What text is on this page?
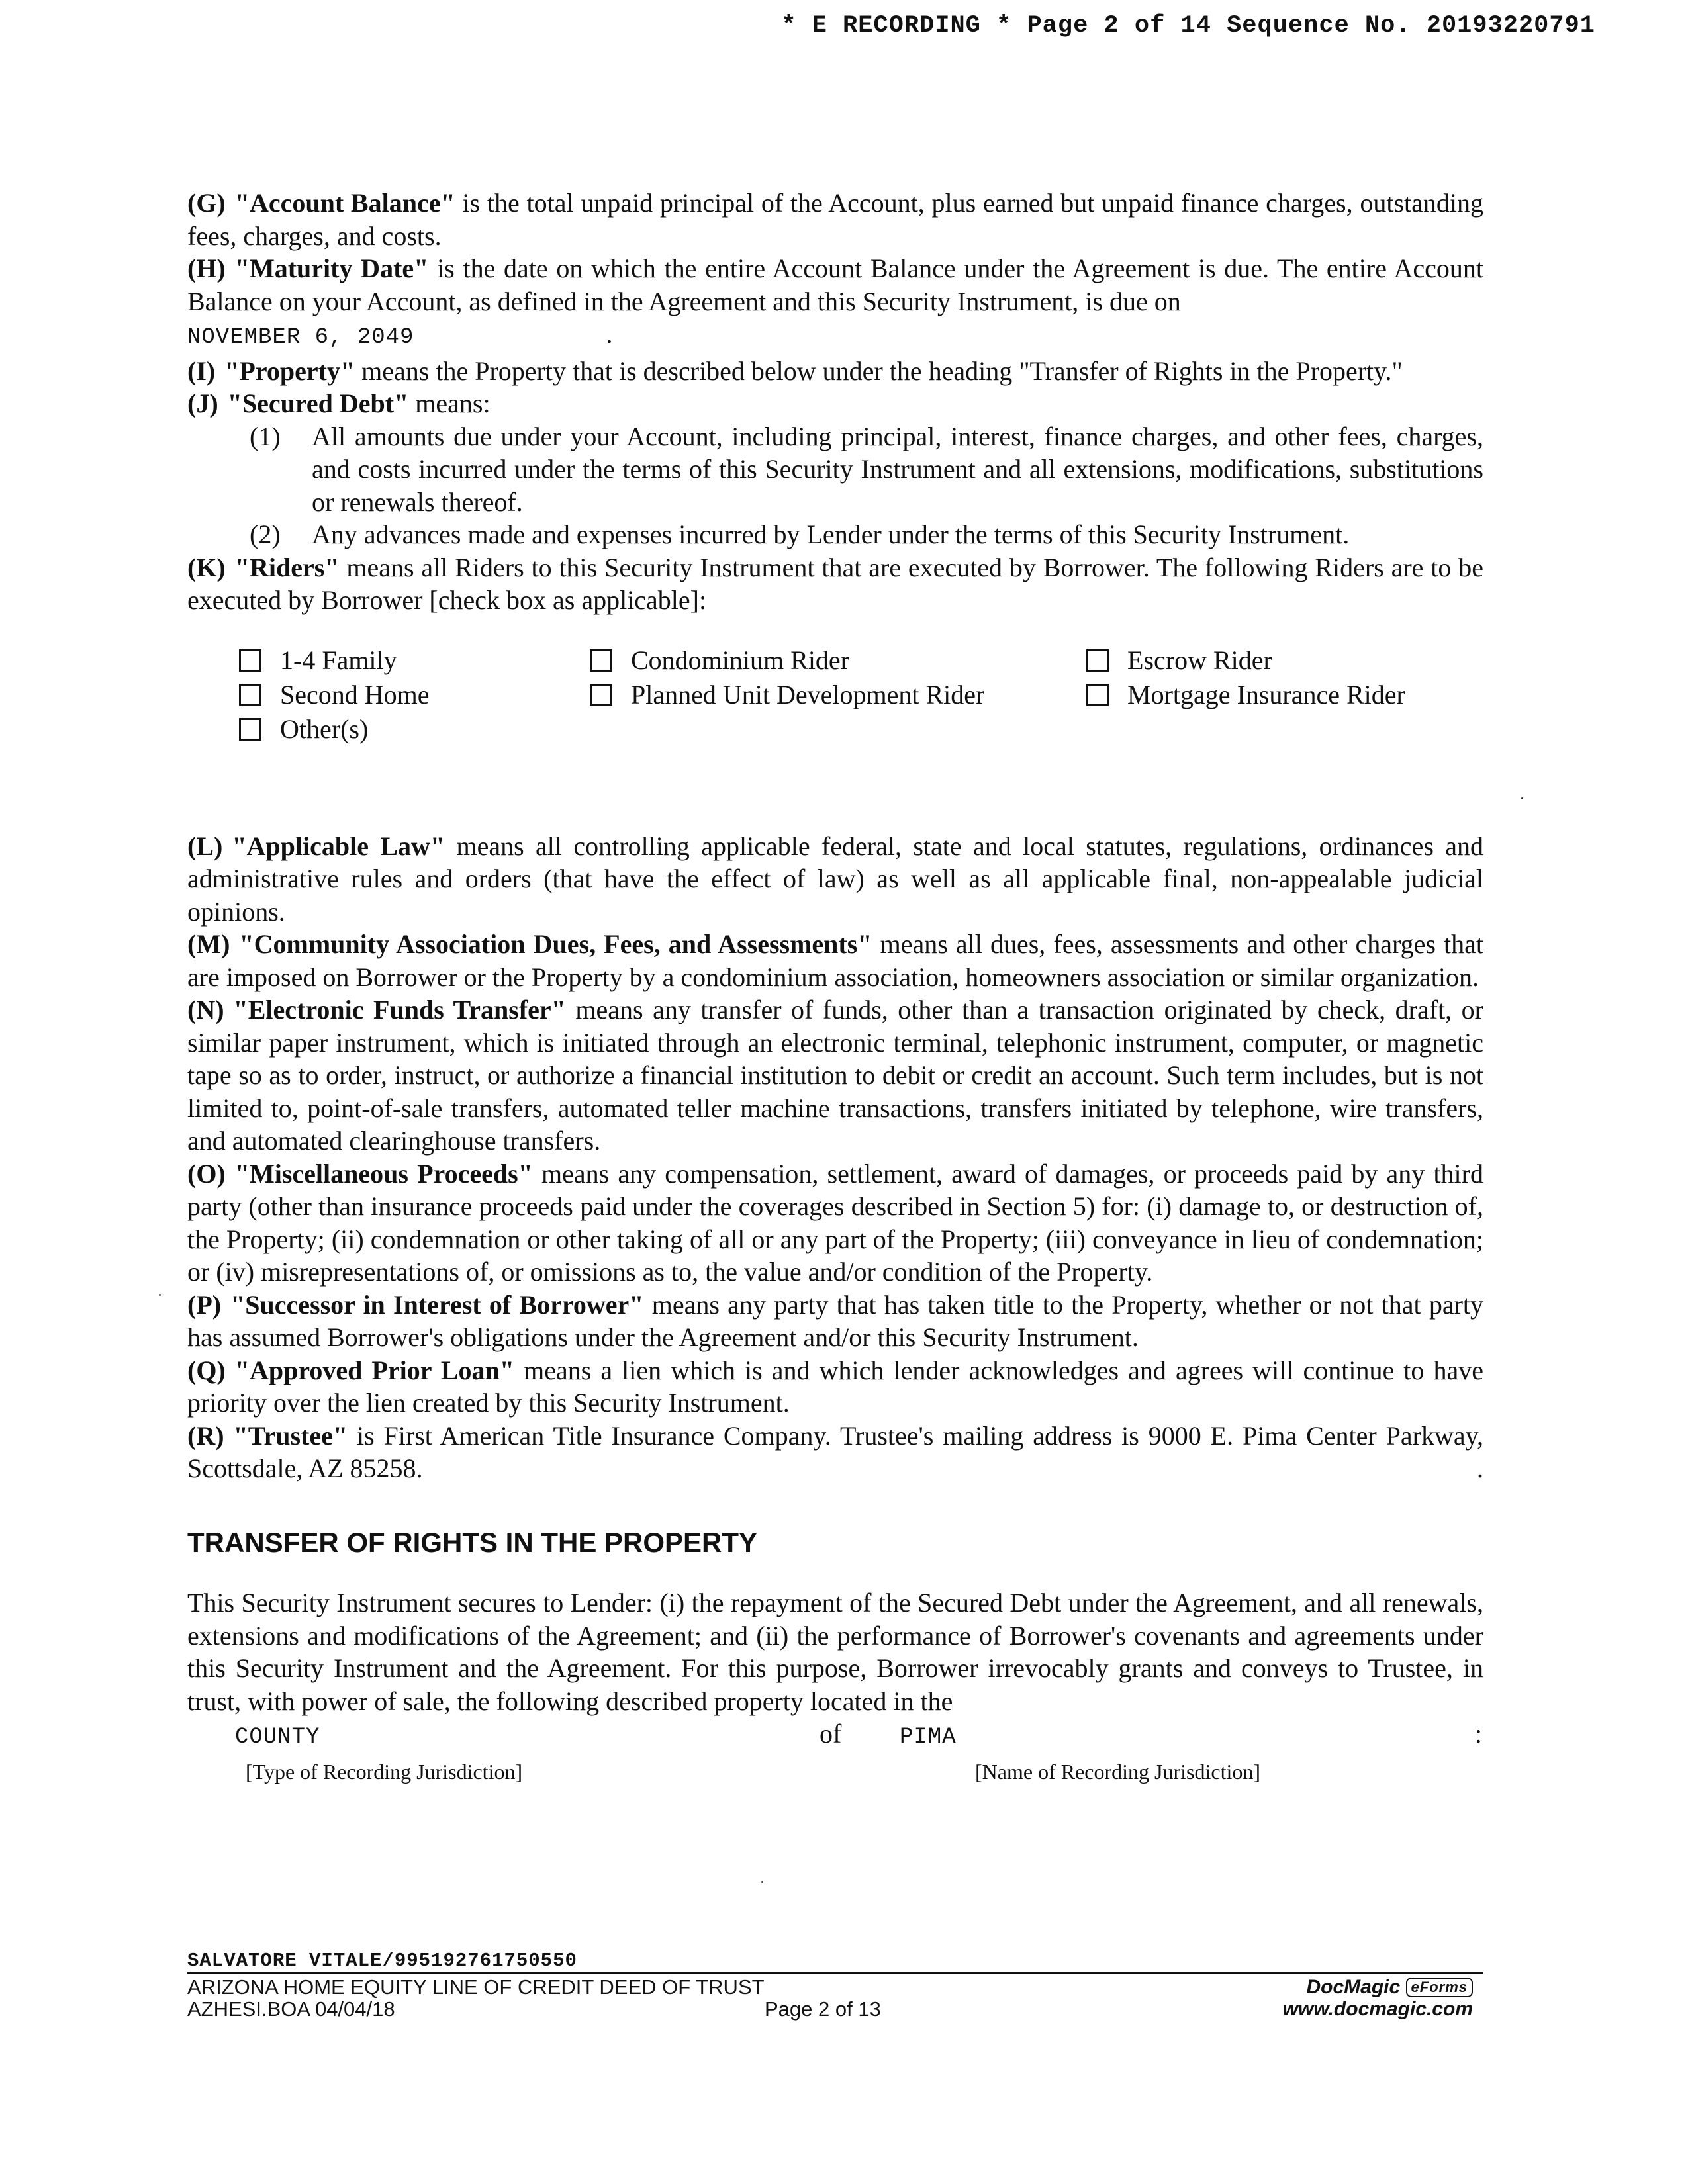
* E RECORDING * Page 2 of 14 Sequence No. 20193220791

(G) "Account Balance" is the total unpaid principal of the Account, plus earned but unpaid finance charges, outstanding fees, charges, and costs.

(H) "Maturity Date" is the date on which the entire Account Balance under the Agreement is due. The entire Account Balance on your Account, as defined in the Agreement and this Security Instrument, is due on

NOVEMBER 6, 2049	.

(I) "Property" means the Property that is described below under the heading "Transfer of Rights in the Property."

(J) "Secured Debt" means:

(1) All amounts due under your Account, including principal, interest, finance charges, and other fees, charges, and costs incurred under the terms of this Security Instrument and all extensions, modifications, substitutions or renewals thereof.

(2) Any advances made and expenses incurred by Lender under the terms of this Security Instrument.

(K) "Riders" means all Riders to this Security Instrument that are executed by Borrower. The following Riders are to be executed by Borrower [check box as applicable]:

1-4 Family	Condominium Rider	Escrow Rider
Second Home	Planned Unit Development Rider	Mortgage Insurance Rider
Other(s)

(L) "Applicable Law" means all controlling applicable federal, state and local statutes, regulations, ordinances and administrative rules and orders (that have the effect of law) as well as all applicable final, non-appealable judicial opinions.

(M) "Community Association Dues, Fees, and Assessments" means all dues, fees, assessments and other charges that are imposed on Borrower or the Property by a condominium association, homeowners association or similar organization.

(N) "Electronic Funds Transfer" means any transfer of funds, other than a transaction originated by check, draft, or similar paper instrument, which is initiated through an electronic terminal, telephonic instrument, computer, or magnetic tape so as to order, instruct, or authorize a financial institution to debit or credit an account. Such term includes, but is not limited to, point-of-sale transfers, automated teller machine transactions, transfers initiated by telephone, wire transfers, and automated clearinghouse transfers.

(O) "Miscellaneous Proceeds" means any compensation, settlement, award of damages, or proceeds paid by any third party (other than insurance proceeds paid under the coverages described in Section 5) for: (i) damage to, or destruction of, the Property; (ii) condemnation or other taking of all or any part of the Property; (iii) conveyance in lieu of condemnation; or (iv) misrepresentations of, or omissions as to, the value and/or condition of the Property.

(P) "Successor in Interest of Borrower" means any party that has taken title to the Property, whether or not that party has assumed Borrower's obligations under the Agreement and/or this Security Instrument.

(Q) "Approved Prior Loan" means a lien which is and which lender acknowledges and agrees will continue to have priority over the lien created by this Security Instrument.

(R) "Trustee" is First American Title Insurance Company. Trustee's mailing address is 9000 E. Pima Center Parkway, Scottsdale, AZ 85258.	.

TRANSFER OF RIGHTS IN THE PROPERTY

This Security Instrument secures to Lender: (i) the repayment of the Secured Debt under the Agreement, and all renewals, extensions and modifications of the Agreement; and (ii) the performance of Borrower's covenants and agreements under this Security Instrument and the Agreement. For this purpose, Borrower irrevocably grants and conveys to Trustee, in trust, with power of sale, the following described property located in the

COUNTY	of	PIMA	:
[Type of Recording Jurisdiction]	[Name of Recording Jurisdiction]
SALVATORE VITALE/995192761750550
ARIZONA HOME EQUITY LINE OF CREDIT DEED OF TRUST
AZHESI.BOA 04/04/18	Page 2 of 13
DocMagic eForms
www.docmagic.com
